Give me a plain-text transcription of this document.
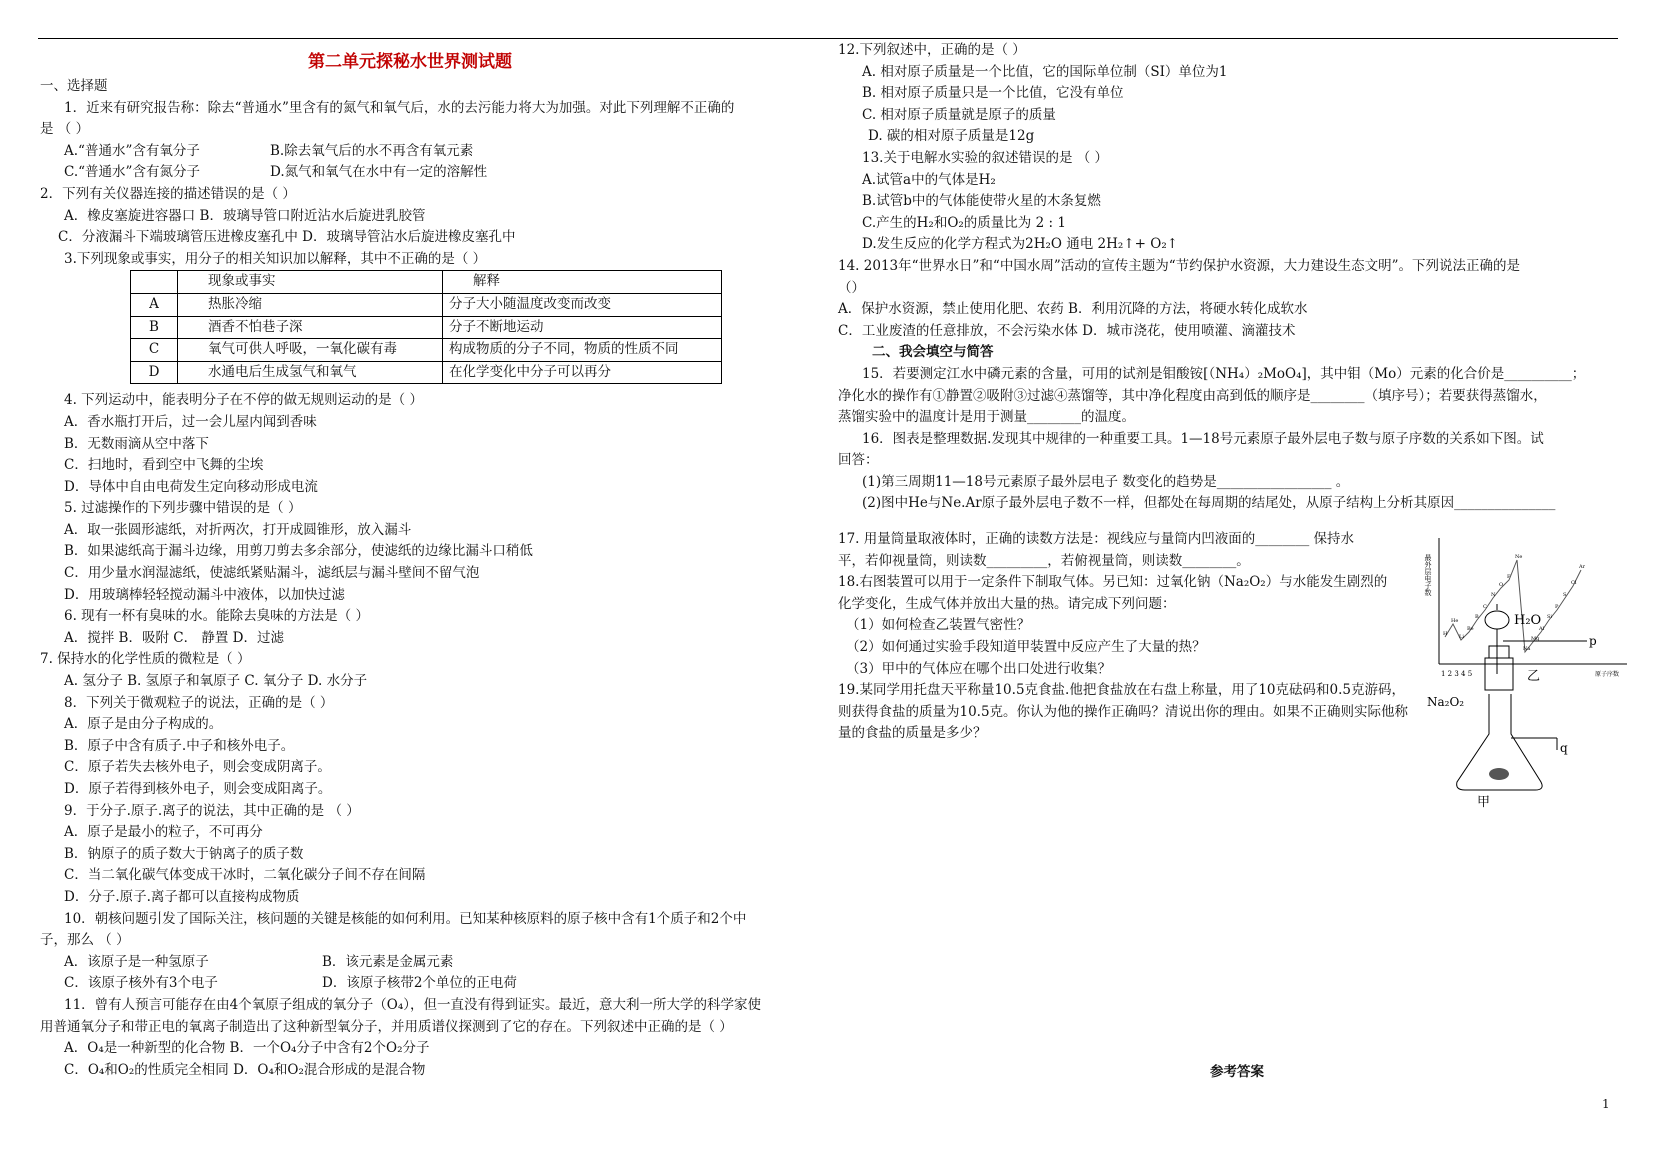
第二单元探秘水世界测试题
一、选择题
1．近来有研究报告称：除去“普通水”里含有的氮气和氧气后，水的去污能力将大为加强。对此下列理解不正确的
是 （ ）
A.“普通水”含有氧分子	B.除去氧气后的水不再含有氧元素
C.“普通水”含有氮分子	D.氮气和氧气在水中有一定的溶解性
2．下列有关仪器连接的描述错误的是（ ）
A．橡皮塞旋进容器口 B．玻璃导管口附近沾水后旋进乳胶管
C．分液漏斗下端玻璃管压进橡皮塞孔中 D．玻璃导管沾水后旋进橡皮塞孔中
3.下列现象或事实，用分子的相关知识加以解释，其中不正确的是（ ）
	现象或事实	解释
A	热胀冷缩	分子大小随温度改变而改变
B	酒香不怕巷子深	分子不断地运动
C	氧气可供人呼吸，一氧化碳有毒	构成物质的分子不同，物质的性质不同
D	水通电后生成氢气和氧气	在化学变化中分子可以再分
4. 下列运动中，能表明分子在不停的做无规则运动的是（ ）
A．香水瓶打开后，过一会儿屋内闻到香味
B．无数雨滴从空中落下
C．扫地时，看到空中飞舞的尘埃
D．导体中自由电荷发生定向移动形成电流
5. 过滤操作的下列步骤中错误的是（ ）
A．取一张圆形滤纸，对折两次，打开成圆锥形，放入漏斗
B．如果滤纸高于漏斗边缘，用剪刀剪去多余部分，使滤纸的边缘比漏斗口稍低
C．用少量水润湿滤纸，使滤纸紧贴漏斗，滤纸层与漏斗壁间不留气泡
D．用玻璃棒轻轻搅动漏斗中液体，以加快过滤
6. 现有一杯有臭味的水。能除去臭味的方法是（ ）
A．搅拌 B．吸附 C． 静置 D．过滤
7. 保持水的化学性质的微粒是（ ）
A. 氢分子 B. 氢原子和氧原子 C. 氧分子 D. 水分子
8．下列关于微观粒子的说法，正确的是（ ）
A．原子是由分子构成的。
B．原子中含有质子.中子和核外电子。
C．原子若失去核外电子，则会变成阴离子。
D．原子若得到核外电子，则会变成阳离子。
9．于分子.原子.离子的说法，其中正确的是 （ ）
A．原子是最小的粒子，不可再分
B．钠原子的质子数大于钠离子的质子数
C．当二氧化碳气体变成干冰时，二氧化碳分子间不存在间隔
D．分子.原子.离子都可以直接构成物质
10．朝核问题引发了国际关注，核问题的关键是核能的如何利用。已知某种核原料的原子核中含有1个质子和2个中
子，那么 （ ）
A．该原子是一种氢原子	B．该元素是金属元素
C．该原子核外有3个电子	D．该原子核带2个单位的正电荷
11．曾有人预言可能存在由4个氧原子组成的氧分子（O₄），但一直没有得到证实。最近，意大利一所大学的科学家使
用普通氧分子和带正电的氧离子制造出了这种新型氧分子，并用质谱仪探测到了它的存在。下列叙述中正确的是（ ）
A．O₄是一种新型的化合物 B．一个O₄分子中含有2个O₂分子
C．O₄和O₂的性质完全相同 D．O₄和O₂混合形成的是混合物
12.下列叙述中，正确的是（ ）
A. 相对原子质量是一个比值，它的国际单位制（SI）单位为1
B. 相对原子质量只是一个比值，它没有单位
C. 相对原子质量就是原子的质量
D. 碳的相对原子质量是12g
13.关于电解水实验的叙述错误的是 （ ）
A.试管a中的气体是H₂
B.试管b中的气体能使带火星的木条复燃
C.产生的H₂和O₂的质量比为 2 : 1
D.发生反应的化学方程式为2H₂O 通电 2H₂↑+ O₂↑
14. 2013年“世界水日”和“中国水周”活动的宣传主题为“节约保护水资源，大力建设生态文明”。下列说法正确的是
（）
A．保护水资源，禁止使用化肥、农药 B．利用沉降的方法，将硬水转化成软水
C．工业废渣的任意排放，不会污染水体 D．城市浇花，使用喷灌、滴灌技术
二、我会填空与简答
15．若要测定江水中磷元素的含量，可用的试剂是钼酸铵[（NH₄）₂MoO₄]，其中钼（Mo）元素的化合价是__________；
净化水的操作有①静置②吸附③过滤④蒸馏等，其中净化程度由高到低的顺序是________（填序号）；若要获得蒸馏水，
蒸馏实验中的温度计是用于测量________的温度。
16．图表是整理数据.发现其中规律的一种重要工具。1—18号元素原子最外层电子数与原子序数的关系如下图。试
回答：
(1)第三周期11—18号元素原子最外层电子 数变化的趋势是_________________ 。
(2)图中He与Ne.Ar原子最外层电子数不一样，但都处在每周期的结尾处，从原子结构上分析其原因_______________
17. 用量筒量取液体时，正确的读数方法是：视线应与量筒内凹液面的________ 保持水
平，若仰视量筒，则读数_________，若俯视量筒，则读数________。
18.右图装置可以用于一定条件下制取气体。另已知：过氧化钠（Na₂O₂）与水能发生剧烈的
化学变化，生成气体并放出大量的热。请完成下列问题：
（1）如何检查乙装置气密性？
（2）如何通过实验手段知道甲装置中反应产生了大量的热？
（3）甲中的气体应在哪个出口处进行收集？
19.某同学用托盘天平称量10.5克食盐.他把食盐放在右盘上称量，用了10克砝码和0.5克游码，
则获得食盐的质量为10.5克。你认为他的操作正确吗？清说出你的理由。如果不正确则实际他称
量的食盐的质量是多少？
最外层电子数
1 2 3 4 5	原子序数
H
He
Li
Be
B
C
N
O
F
Ne
Na
Mg
Al
Si
P
S
Cl
Ar
H₂O
p
乙
Na₂O₂
q
甲
参考答案
1
